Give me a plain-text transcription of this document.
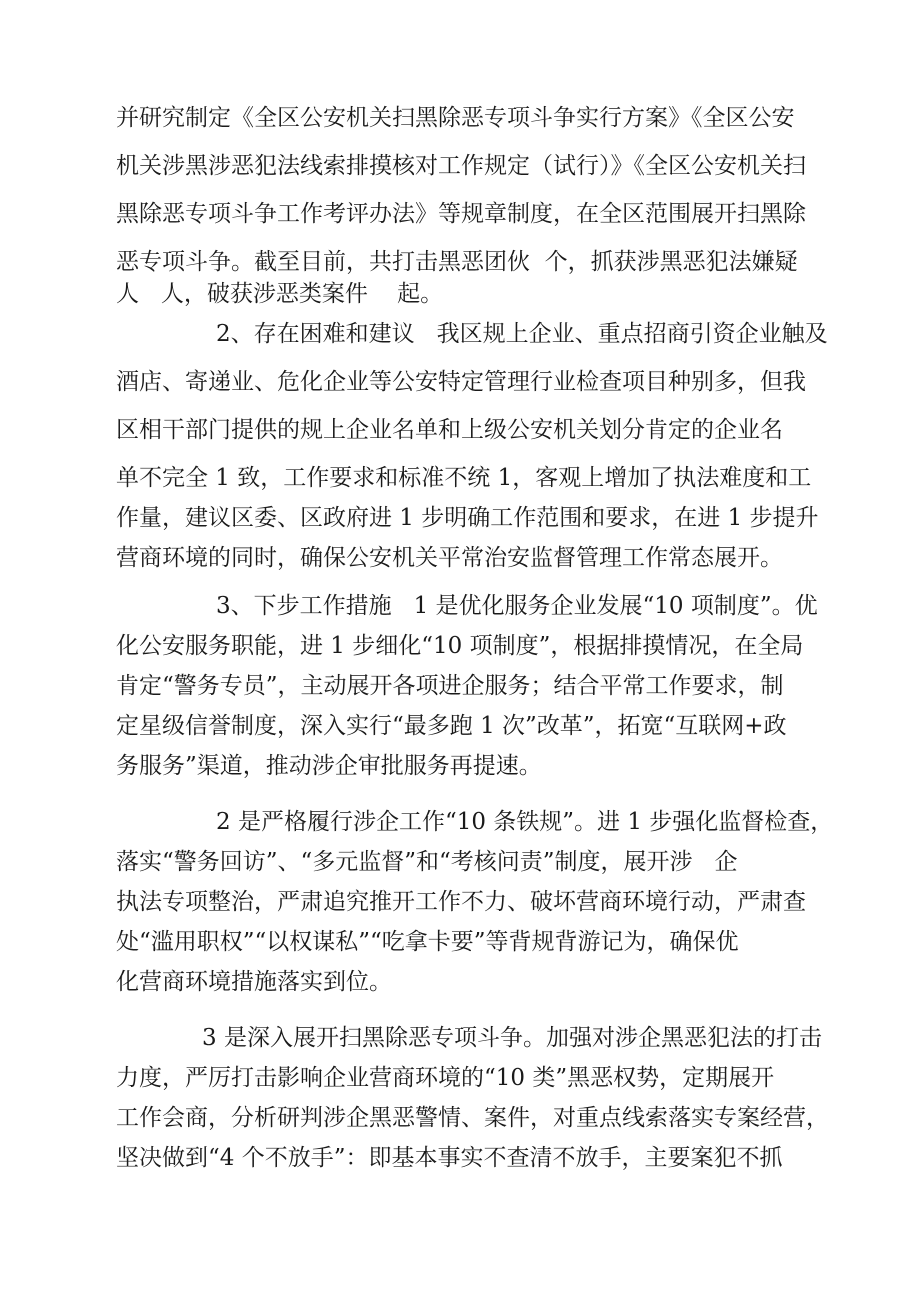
并研究制定《全区公安机关扫黑除恶专项斗争实行方案》《全区公安
机关涉黑涉恶犯法线索排摸核对工作规定（试行）》《全区公安机关扫
黑除恶专项斗争工作考评办法》等规章制度，在全区范围展开扫黑除
恶专项斗争。截至目前，共打击黑恶团伙  个，抓获涉黑恶犯法嫌疑
人   人，破获涉恶类案件    起。
2、存在困难和建议   我区规上企业、重点招商引资企业触及
酒店、寄递业、危化企业等公安特定管理行业检查项目种别多，但我
区相干部门提供的规上企业名单和上级公安机关划分肯定的企业名
单不完全 1 致，工作要求和标准不统 1，客观上增加了执法难度和工
作量，建议区委、区政府进 1 步明确工作范围和要求，在进 1 步提升
营商环境的同时，确保公安机关平常治安监督管理工作常态展开。
3、下步工作措施   1 是优化服务企业发展“10 项制度”。优
化公安服务职能，进 1 步细化“10 项制度”，根据排摸情况，在全局
肯定“警务专员”，主动展开各项进企服务；结合平常工作要求，制
定星级信誉制度，深入实行“最多跑 1 次”改革”，拓宽“互联网+政
务服务”渠道，推动涉企审批服务再提速。
2 是严格履行涉企工作“10 条铁规”。进 1 步强化监督检查，
落实“警务回访”、“多元监督”和“考核问责”制度，展开涉   企
执法专项整治，严肃追究推开工作不力、破坏营商环境行动，严肃查
处“滥用职权”“以权谋私”“吃拿卡要”等背规背游记为，确保优
化营商环境措施落实到位。
3 是深入展开扫黑除恶专项斗争。加强对涉企黑恶犯法的打击
力度，严厉打击影响企业营商环境的“10 类”黑恶权势，定期展开
工作会商，分析研判涉企黑恶警情、案件，对重点线索落实专案经营，
坚决做到“4 个不放手”：即基本事实不查清不放手，主要案犯不抓
